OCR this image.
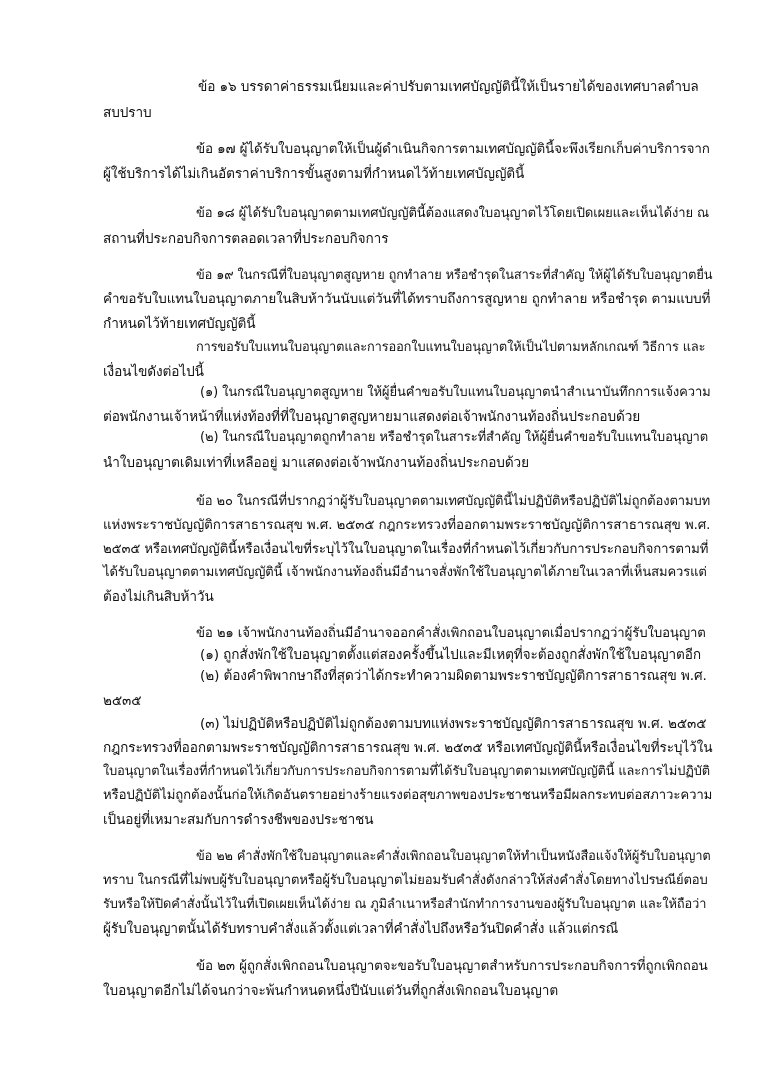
ข้อ ๑๖ บรรดาค่าธรรมเนียมและค่าปรับตามเทศบัญญัตินี้ให้เป็นรายได้ของเทศบาลตำบล

สบปราบ

ข้อ ๑๗ ผู้ได้รับใบอนุญาตให้เป็นผู้ดำเนินกิจการตามเทศบัญญัตินี้จะพึงเรียกเก็บค่าบริการจาก

ผู้ใช้บริการได้ไม่เกินอัตราค่าบริการขั้นสูงตามที่กำหนดไว้ท้ายเทศบัญญัตินี้

ข้อ ๑๘ ผู้ได้รับใบอนุญาตตามเทศบัญญัตินี้ต้องแสดงใบอนุญาตไว้โดยเปิดเผยและเห็นได้ง่าย ณ

สถานที่ประกอบกิจการตลอดเวลาที่ประกอบกิจการ

ข้อ ๑๙ ในกรณีที่ใบอนุญาตสูญหาย ถูกทำลาย หรือชำรุดในสาระที่สำคัญ ให้ผู้ได้รับใบอนุญาตยื่น

คำขอรับใบแทนใบอนุญาตภายในสิบห้าวันนับแต่วันที่ได้ทราบถึงการสูญหาย ถูกทำลาย หรือชำรุด ตามแบบที่

กำหนดไว้ท้ายเทศบัญญัตินี้

การขอรับใบแทนใบอนุญาตและการออกใบแทนใบอนุญาตให้เป็นไปตามหลักเกณฑ์ วิธีการ และ

เงื่อนไขดังต่อไปนี้

(๑) ในกรณีใบอนุญาตสูญหาย ให้ผู้ยื่นคำขอรับใบแทนใบอนุญาตนำสำเนาบันทึกการแจ้งความ

ต่อพนักงานเจ้าหน้าที่แห่งท้องที่ที่ใบอนุญาตสูญหายมาแสดงต่อเจ้าพนักงานท้องถิ่นประกอบด้วย

(๒) ในกรณีใบอนุญาตถูกทำลาย หรือชำรุดในสาระที่สำคัญ ให้ผู้ยื่นคำขอรับใบแทนใบอนุญาต

นำใบอนุญาตเดิมเท่าที่เหลืออยู่ มาแสดงต่อเจ้าพนักงานท้องถิ่นประกอบด้วย

ข้อ ๒๐ ในกรณีที่ปรากฏว่าผู้รับใบอนุญาตตามเทศบัญญัตินี้ไม่ปฏิบัติหรือปฏิบัติไม่ถูกต้องตามบท

แห่งพระราชบัญญัติการสาธารณสุข พ.ศ. ๒๕๓๕ กฎกระทรวงที่ออกตามพระราชบัญญัติการสาธารณสุข พ.ศ.

๒๕๓๕ หรือเทศบัญญัตินี้หรือเงื่อนไขที่ระบุไว้ในใบอนุญาตในเรื่องที่กำหนดไว้เกี่ยวกับการประกอบกิจการตามที่

ได้รับใบอนุญาตตามเทศบัญญัตินี้ เจ้าพนักงานท้องถิ่นมีอำนาจสั่งพักใช้ใบอนุญาตได้ภายในเวลาที่เห็นสมควรแต่

ต้องไม่เกินสิบห้าวัน

ข้อ ๒๑ เจ้าพนักงานท้องถิ่นมีอำนาจออกคำสั่งเพิกถอนใบอนุญาตเมื่อปรากฏว่าผู้รับใบอนุญาต

(๑) ถูกสั่งพักใช้ใบอนุญาตตั้งแต่สองครั้งขึ้นไปและมีเหตุที่จะต้องถูกสั่งพักใช้ใบอนุญาตอีก

(๒) ต้องคำพิพากษาถึงที่สุดว่าได้กระทำความผิดตามพระราชบัญญัติการสาธารณสุข พ.ศ.

๒๕๓๕

(๓) ไม่ปฏิบัติหรือปฏิบัติไม่ถูกต้องตามบทแห่งพระราชบัญญัติการสาธารณสุข พ.ศ. ๒๕๓๕

กฎกระทรวงที่ออกตามพระราชบัญญัติการสาธารณสุข พ.ศ. ๒๕๓๕ หรือเทศบัญญัตินี้หรือเงื่อนไขที่ระบุไว้ใน

ใบอนุญาตในเรื่องที่กำหนดไว้เกี่ยวกับการประกอบกิจการตามที่ได้รับใบอนุญาตตามเทศบัญญัตินี้ และการไม่ปฏิบัติ

หรือปฏิบัติไม่ถูกต้องนั้นก่อให้เกิดอันตรายอย่างร้ายแรงต่อสุขภาพของประชาชนหรือมีผลกระทบต่อสภาวะความ

เป็นอยู่ที่เหมาะสมกับการดำรงชีพของประชาชน

ข้อ ๒๒ คำสั่งพักใช้ใบอนุญาตและคำสั่งเพิกถอนใบอนุญาตให้ทำเป็นหนังสือแจ้งให้ผู้รับใบอนุญาต

ทราบ ในกรณีที่ไม่พบผู้รับใบอนุญาตหรือผู้รับใบอนุญาตไม่ยอมรับคำสั่งดังกล่าวให้ส่งคำสั่งโดยทางไปรษณีย์ตอบ

รับหรือให้ปิดคำสั่งนั้นไว้ในที่เปิดเผยเห็นได้ง่าย ณ ภูมิลำเนาหรือสำนักทำการงานของผู้รับใบอนุญาต และให้ถือว่า

ผู้รับใบอนุญาตนั้นได้รับทราบคำสั่งแล้วตั้งแต่เวลาที่คำสั่งไปถึงหรือวันปิดคำสั่ง แล้วแต่กรณี

ข้อ ๒๓ ผู้ถูกสั่งเพิกถอนใบอนุญาตจะขอรับใบอนุญาตสำหรับการประกอบกิจการที่ถูกเพิกถอน

ใบอนุญาตอีกไม่ได้จนกว่าจะพ้นกำหนดหนึ่งปีนับแต่วันที่ถูกสั่งเพิกถอนใบอนุญาต
